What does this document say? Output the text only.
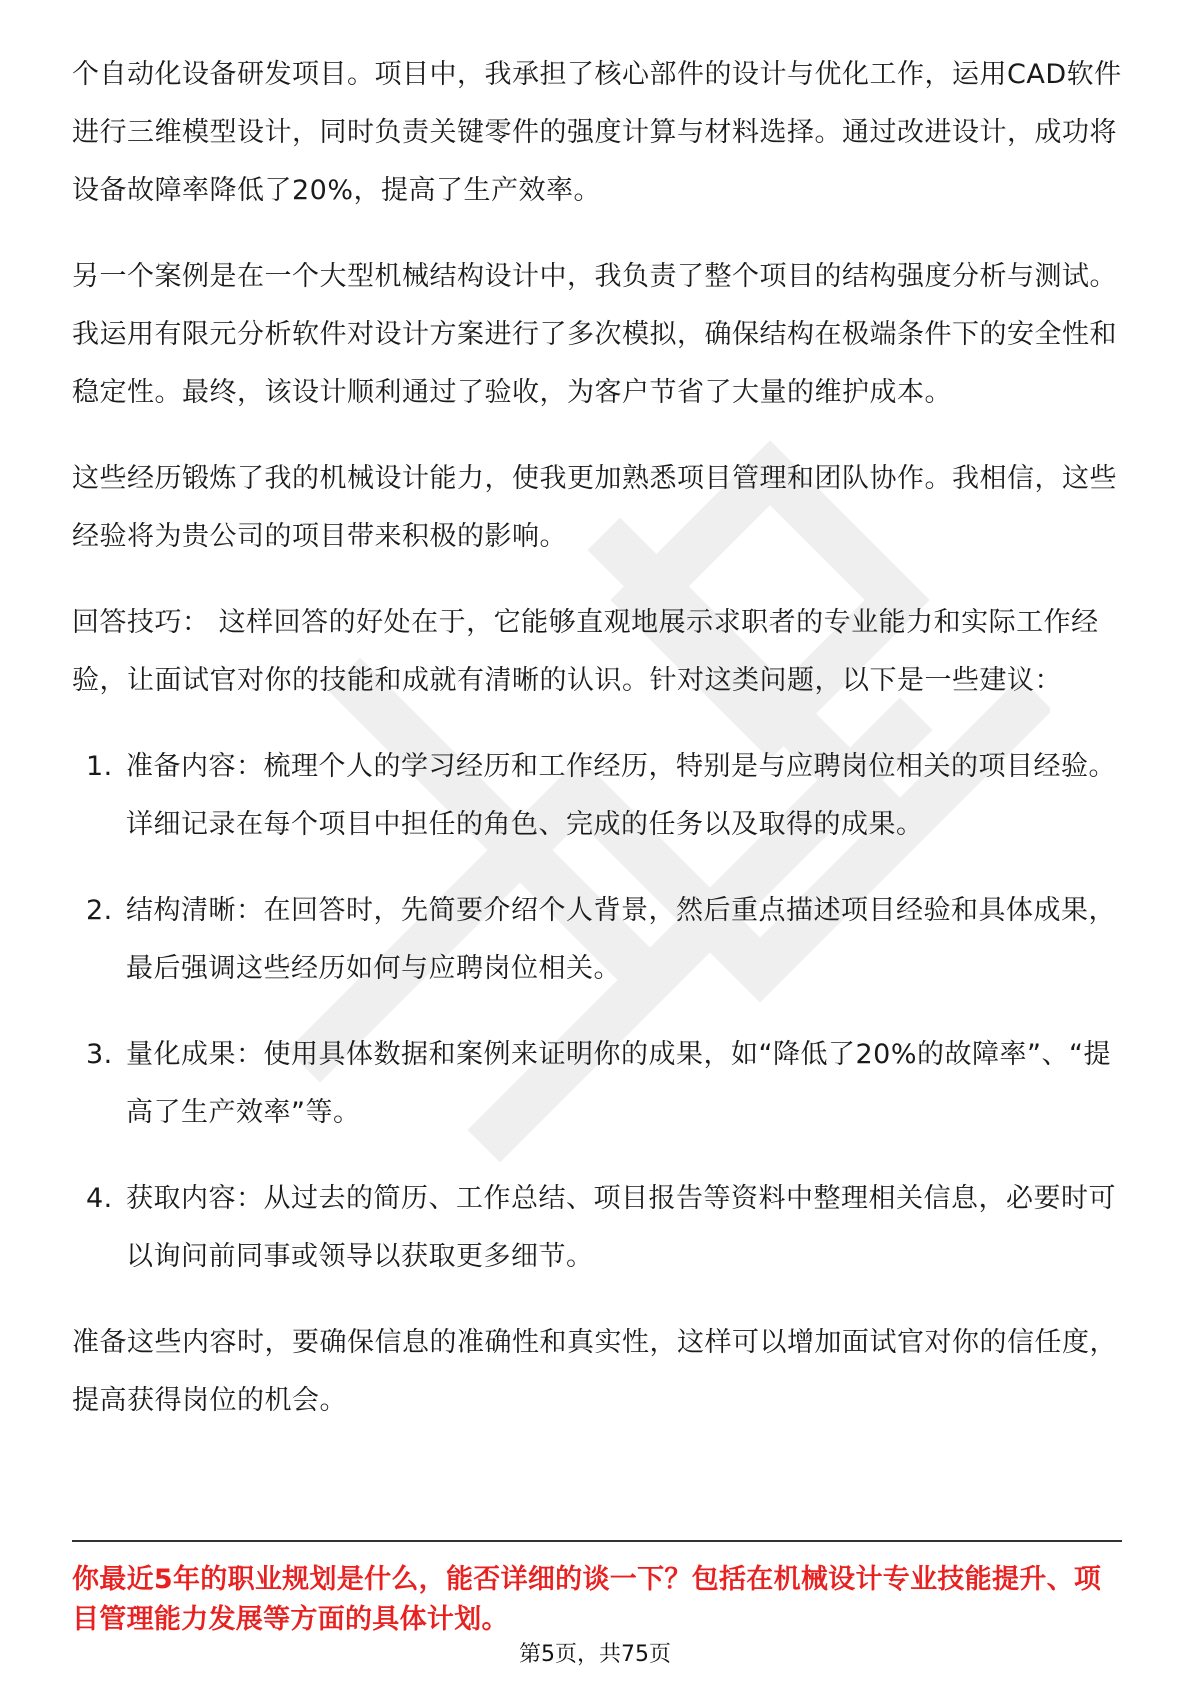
个自动化设备研发项目。项目中，我承担了核心部件的设计与优化工作，运用CAD软件进行三维模型设计，同时负责关键零件的强度计算与材料选择。通过改进设计，成功将设备故障率降低了20%，提高了生产效率。

另一个案例是在一个大型机械结构设计中，我负责了整个项目的结构强度分析与测试。我运用有限元分析软件对设计方案进行了多次模拟，确保结构在极端条件下的安全性和稳定性。最终，该设计顺利通过了验收，为客户节省了大量的维护成本。

这些经历锻炼了我的机械设计能力，使我更加熟悉项目管理和团队协作。我相信，这些经验将为贵公司的项目带来积极的影响。

回答技巧： 这样回答的好处在于，它能够直观地展示求职者的专业能力和实际工作经验，让面试官对你的技能和成就有清晰的认识。针对这类问题，以下是一些建议：

1. 准备内容：梳理个人的学习经历和工作经历，特别是与应聘岗位相关的项目经验。详细记录在每个项目中担任的角色、完成的任务以及取得的成果。
2. 结构清晰：在回答时，先简要介绍个人背景，然后重点描述项目经验和具体成果，最后强调这些经历如何与应聘岗位相关。
3. 量化成果：使用具体数据和案例来证明你的成果，如“降低了20%的故障率”、“提高了生产效率”等。
4. 获取内容：从过去的简历、工作总结、项目报告等资料中整理相关信息，必要时可以询问前同事或领导以获取更多细节。

准备这些内容时，要确保信息的准确性和真实性，这样可以增加面试官对你的信任度，提高获得岗位的机会。

你最近5年的职业规划是什么，能否详细的谈一下？包括在机械设计专业技能提升、项目管理能力发展等方面的具体计划。
第5页，共75页
